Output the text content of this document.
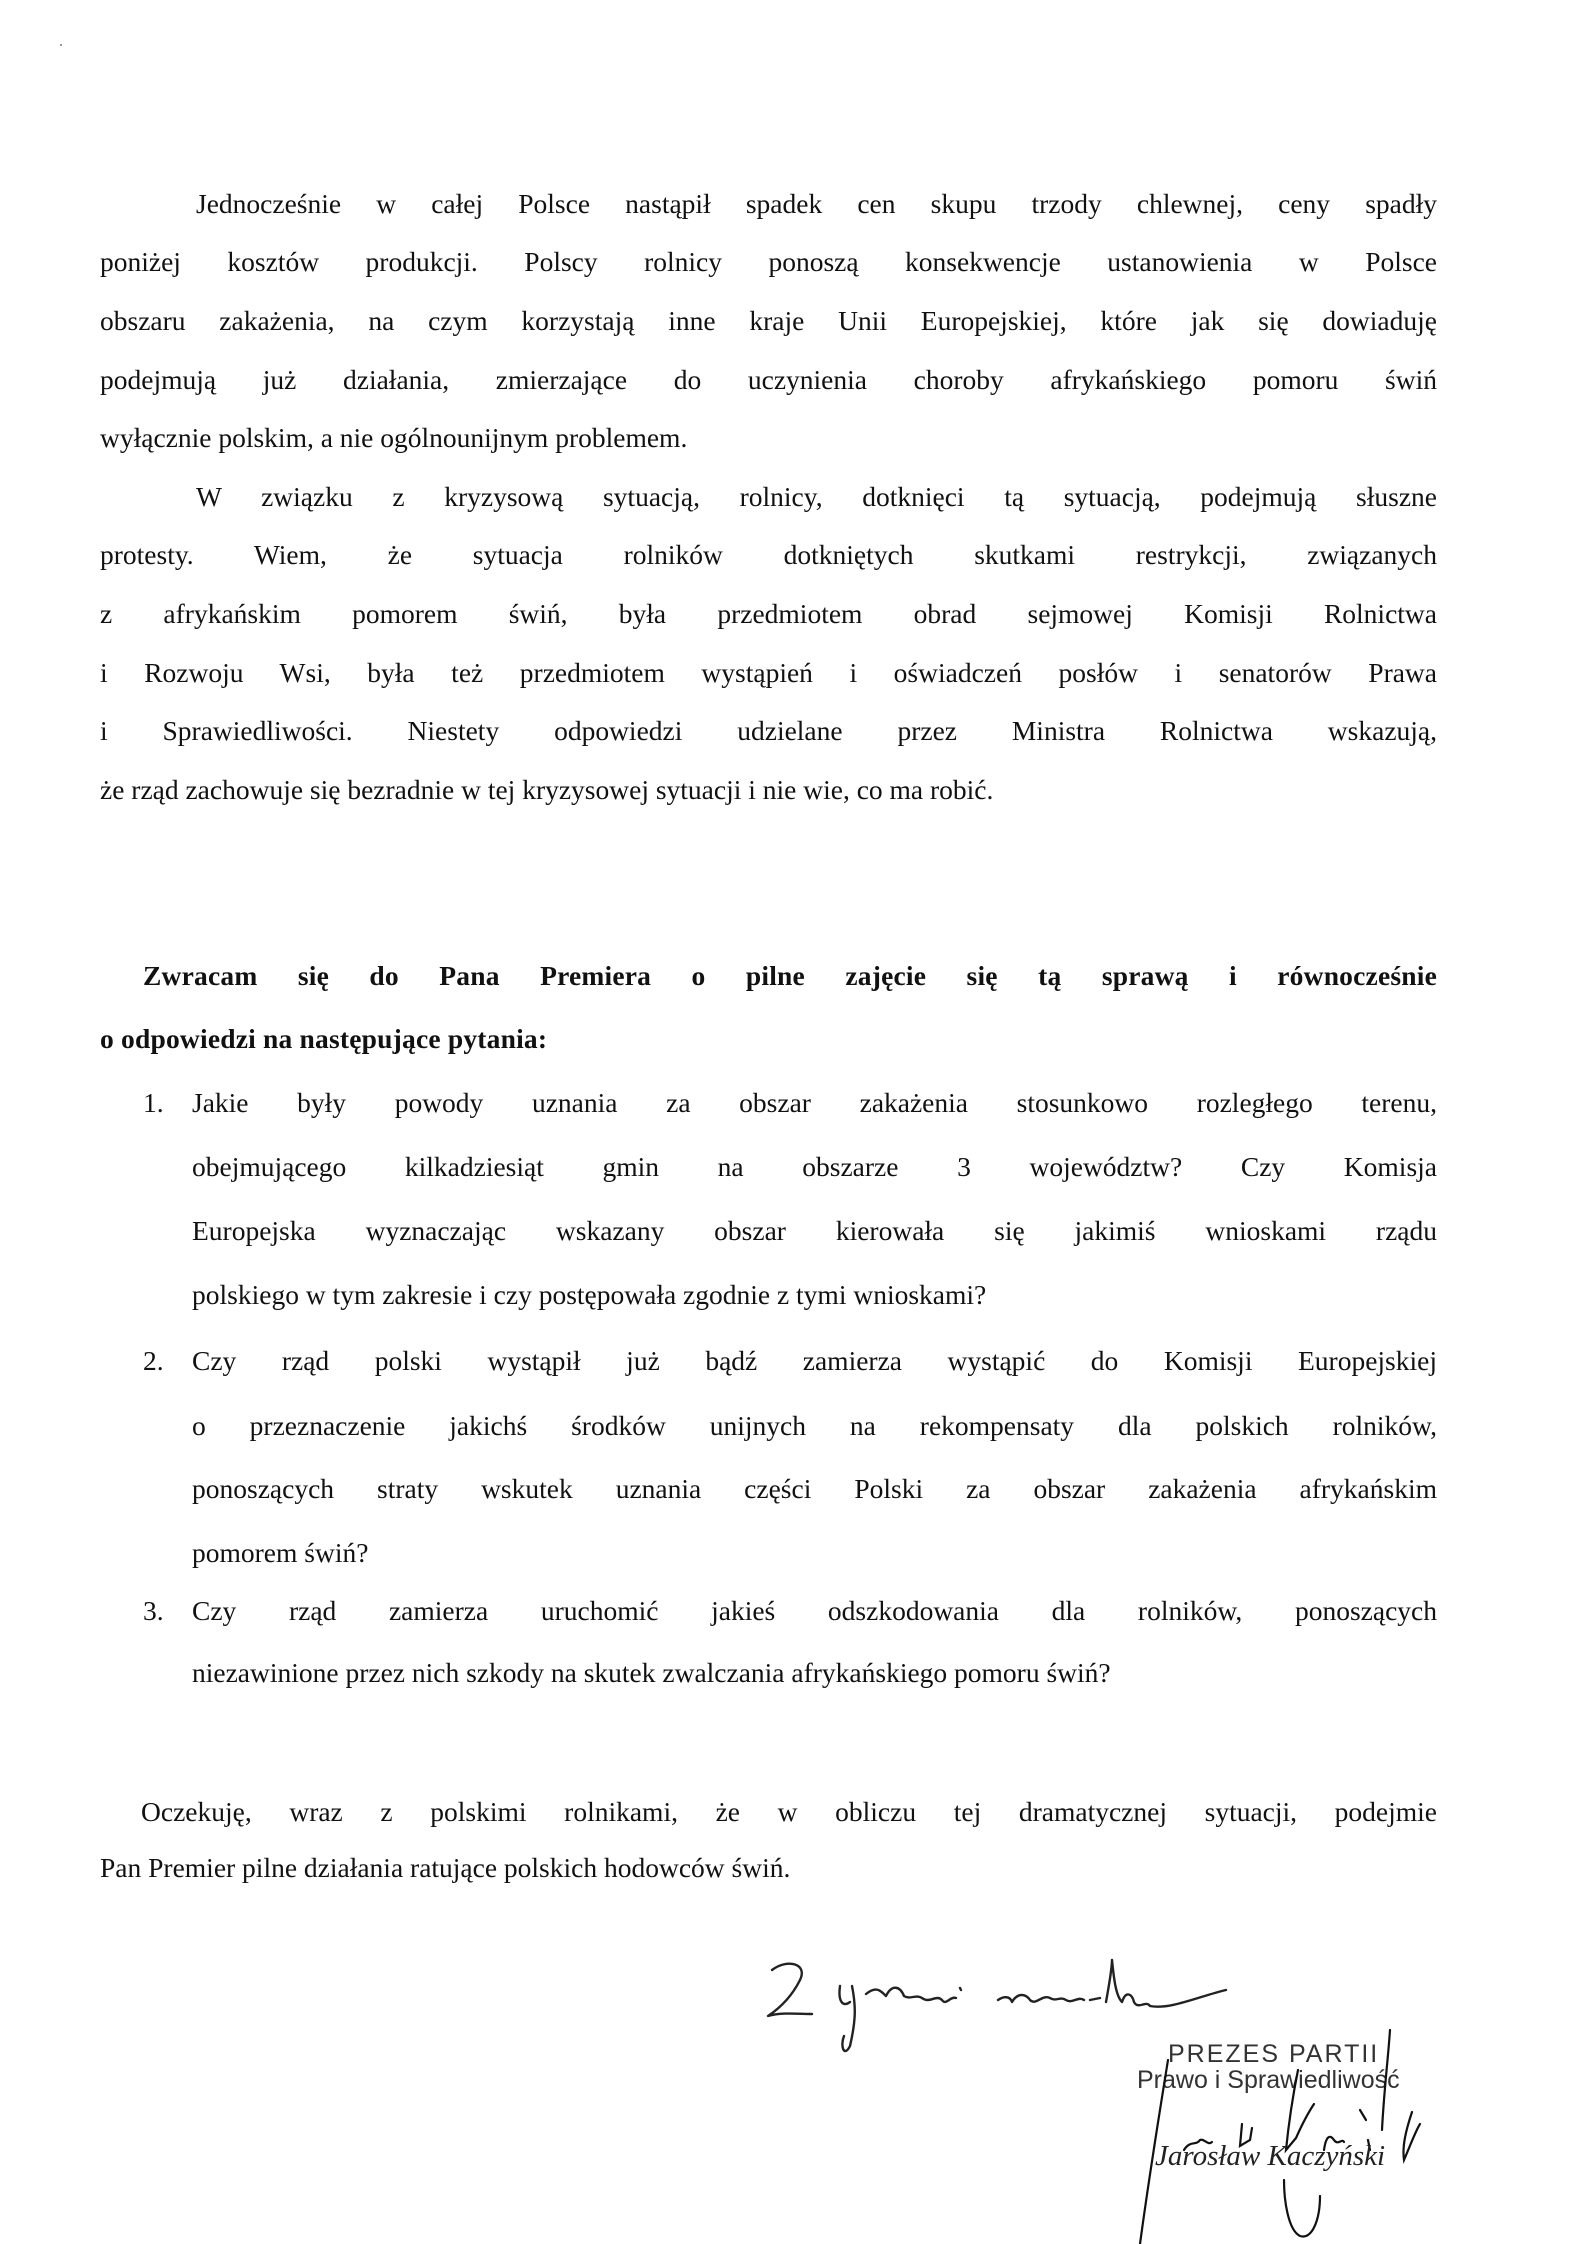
Jednocześnie w całej Polsce nastąpił spadek cen skupu trzody chlewnej, ceny spadły
poniżej kosztów produkcji. Polscy rolnicy ponoszą konsekwencje ustanowienia w Polsce
obszaru zakażenia, na czym korzystają inne kraje Unii Europejskiej, które jak się dowiaduję
podejmują już działania, zmierzające do uczynienia choroby afrykańskiego pomoru świń
wyłącznie polskim, a nie ogólnounijnym problemem.
W związku z kryzysową sytuacją, rolnicy, dotknięci tą sytuacją, podejmują słuszne
protesty. Wiem, że sytuacja rolników dotkniętych skutkami restrykcji, związanych
z afrykańskim pomorem świń, była przedmiotem obrad sejmowej Komisji Rolnictwa
i Rozwoju Wsi, była też przedmiotem wystąpień i oświadczeń posłów i senatorów Prawa
i Sprawiedliwości. Niestety odpowiedzi udzielane przez Ministra Rolnictwa wskazują,
że rząd zachowuje się bezradnie w tej kryzysowej sytuacji i nie wie, co ma robić.
Zwracam się do Pana Premiera o pilne zajęcie się tą sprawą i równocześnie
o odpowiedzi na następujące pytania:
1. Jakie były powody uznania za obszar zakażenia stosunkowo rozległego terenu,
obejmującego kilkadziesiąt gmin na obszarze 3 województw? Czy Komisja
Europejska wyznaczając wskazany obszar kierowała się jakimiś wnioskami rządu
polskiego w tym zakresie i czy postępowała zgodnie z tymi wnioskami?
2. Czy rząd polski wystąpił już bądź zamierza wystąpić do Komisji Europejskiej
o przeznaczenie jakichś środków unijnych na rekompensaty dla polskich rolników,
ponoszących straty wskutek uznania części Polski za obszar zakażenia afrykańskim
pomorem świń?
3. Czy rząd zamierza uruchomić jakieś odszkodowania dla rolników, ponoszących
niezawinione przez nich szkody na skutek zwalczania afrykańskiego pomoru świń?
Oczekuję, wraz z polskimi rolnikami, że w obliczu tej dramatycznej sytuacji, podejmie
Pan Premier pilne działania ratujące polskich hodowców świń.
PREZES PARTII
Prawo i Sprawiedliwość
Jarosław Kaczyński
